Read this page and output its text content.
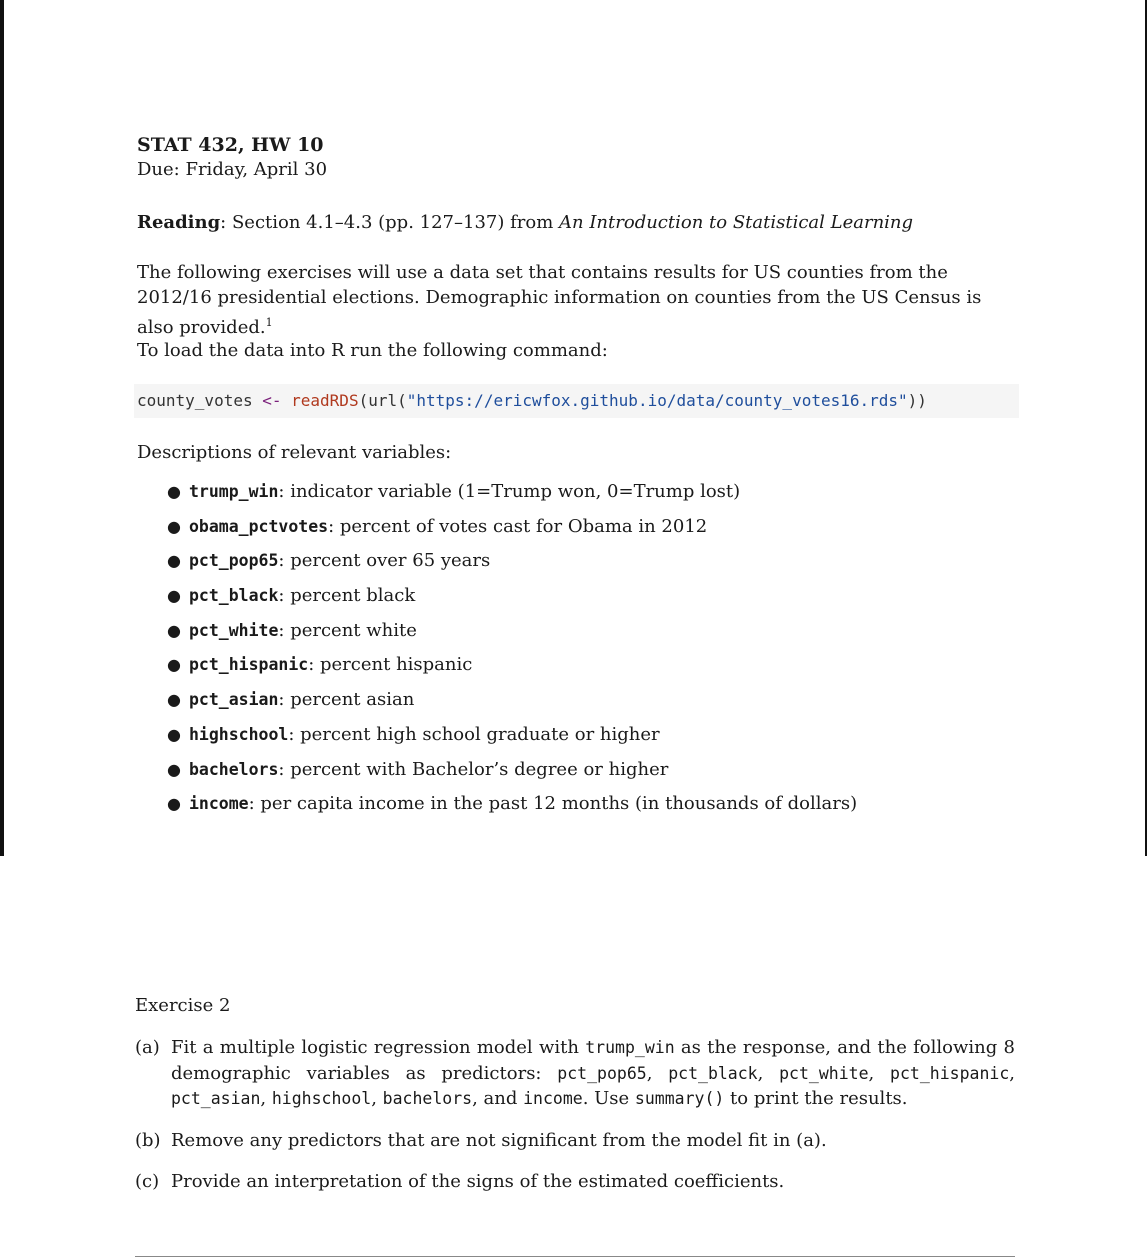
STAT 432, HW 10
Due: Friday, April 30
Reading: Section 4.1–4.3 (pp. 127–137) from An Introduction to Statistical Learning
The following exercises will use a data set that contains results for US counties from the 2012/16 presidential elections. Demographic information on counties from the US Census is also provided.$^1$
To load the data into R run the following command:
county_votes <- readRDS(url("https://ericwfox.github.io/data/county_votes16.rds"))
Descriptions of relevant variables:
● trump_win: indicator variable (1=Trump won, 0=Trump lost)
● obama_pctvotes: percent of votes cast for Obama in 2012
● pct_pop65: percent over 65 years
● pct_black: percent black
● pct_white: percent white
● pct_hispanic: percent hispanic
● pct_asian: percent asian
● highschool: percent high school graduate or higher
● bachelors: percent with Bachelor’s degree or higher
● income: per capita income in the past 12 months (in thousands of dollars)
Exercise 2
(a) Fit a multiple logistic regression model with trump_win as the response, and the following 8 demographic variables as predictors: pct_pop65, pct_black, pct_white, pct_hispanic, pct_asian, highschool, bachelors, and income. Use summary() to print the results.
(b) Remove any predictors that are not significant from the model fit in (a).
(c) Provide an interpretation of the signs of the estimated coefficients.
